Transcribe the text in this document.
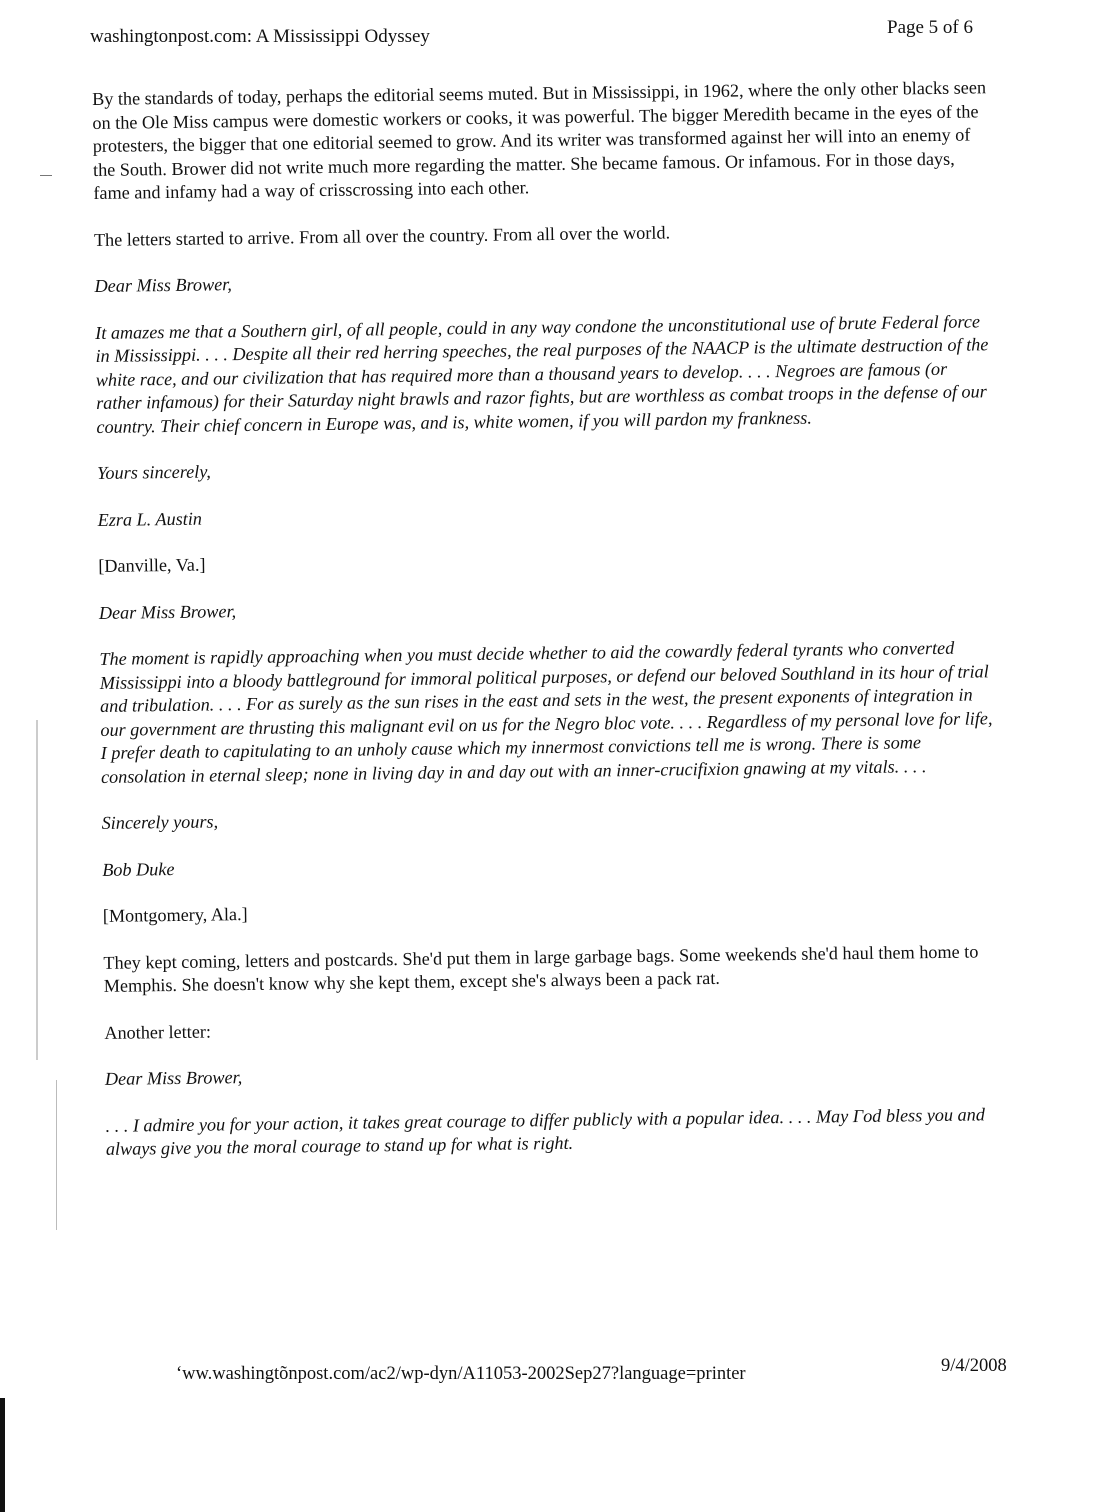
washingtonpost.com: A Mississippi Odyssey	Page 5 of 6

By the standards of today, perhaps the editorial seems muted. But in Mississippi, in 1962, where the only other blacks seen on the Ole Miss campus were domestic workers or cooks, it was powerful. The bigger Meredith became in the eyes of the protesters, the bigger that one editorial seemed to grow. And its writer was transformed against her will into an enemy of the South. Brower did not write much more regarding the matter. She became famous. Or infamous. For in those days, fame and infamy had a way of crisscrossing into each other.

The letters started to arrive. From all over the country. From all over the world.

Dear Miss Brower,

It amazes me that a Southern girl, of all people, could in any way condone the unconstitutional use of brute Federal force in Mississippi. . . . Despite all their red herring speeches, the real purposes of the NAACP is the ultimate destruction of the white race, and our civilization that has required more than a thousand years to develop. . . . Negroes are famous (or rather infamous) for their Saturday night brawls and razor fights, but are worthless as combat troops in the defense of our country. Their chief concern in Europe was, and is, white women, if you will pardon my frankness.

Yours sincerely,

Ezra L. Austin

[Danville, Va.]

Dear Miss Brower,

The moment is rapidly approaching when you must decide whether to aid the cowardly federal tyrants who converted Mississippi into a bloody battleground for immoral political purposes, or defend our beloved Southland in its hour of trial and tribulation. . . . For as surely as the sun rises in the east and sets in the west, the present exponents of integration in our government are thrusting this malignant evil on us for the Negro bloc vote. . . . Regardless of my personal love for life, I prefer death to capitulating to an unholy cause which my innermost convictions tell me is wrong. There is some consolation in eternal sleep; none in living day in and day out with an inner-crucifixion gnawing at my vitals. . . .

Sincerely yours,

Bob Duke

[Montgomery, Ala.]

They kept coming, letters and postcards. She'd put them in large garbage bags. Some weekends she'd haul them home to Memphis. She doesn't know why she kept them, except she's always been a pack rat.

Another letter:

Dear Miss Brower,

. . . I admire you for your action, it takes great courage to differ publicly with a popular idea. . . . May Γod bless you and always give you the moral courage to stand up for what is right.

ʻww.washingtõnpost.com/ac2/wp-dyn/A11053-2002Sep27?language=printer	9/4/2008
